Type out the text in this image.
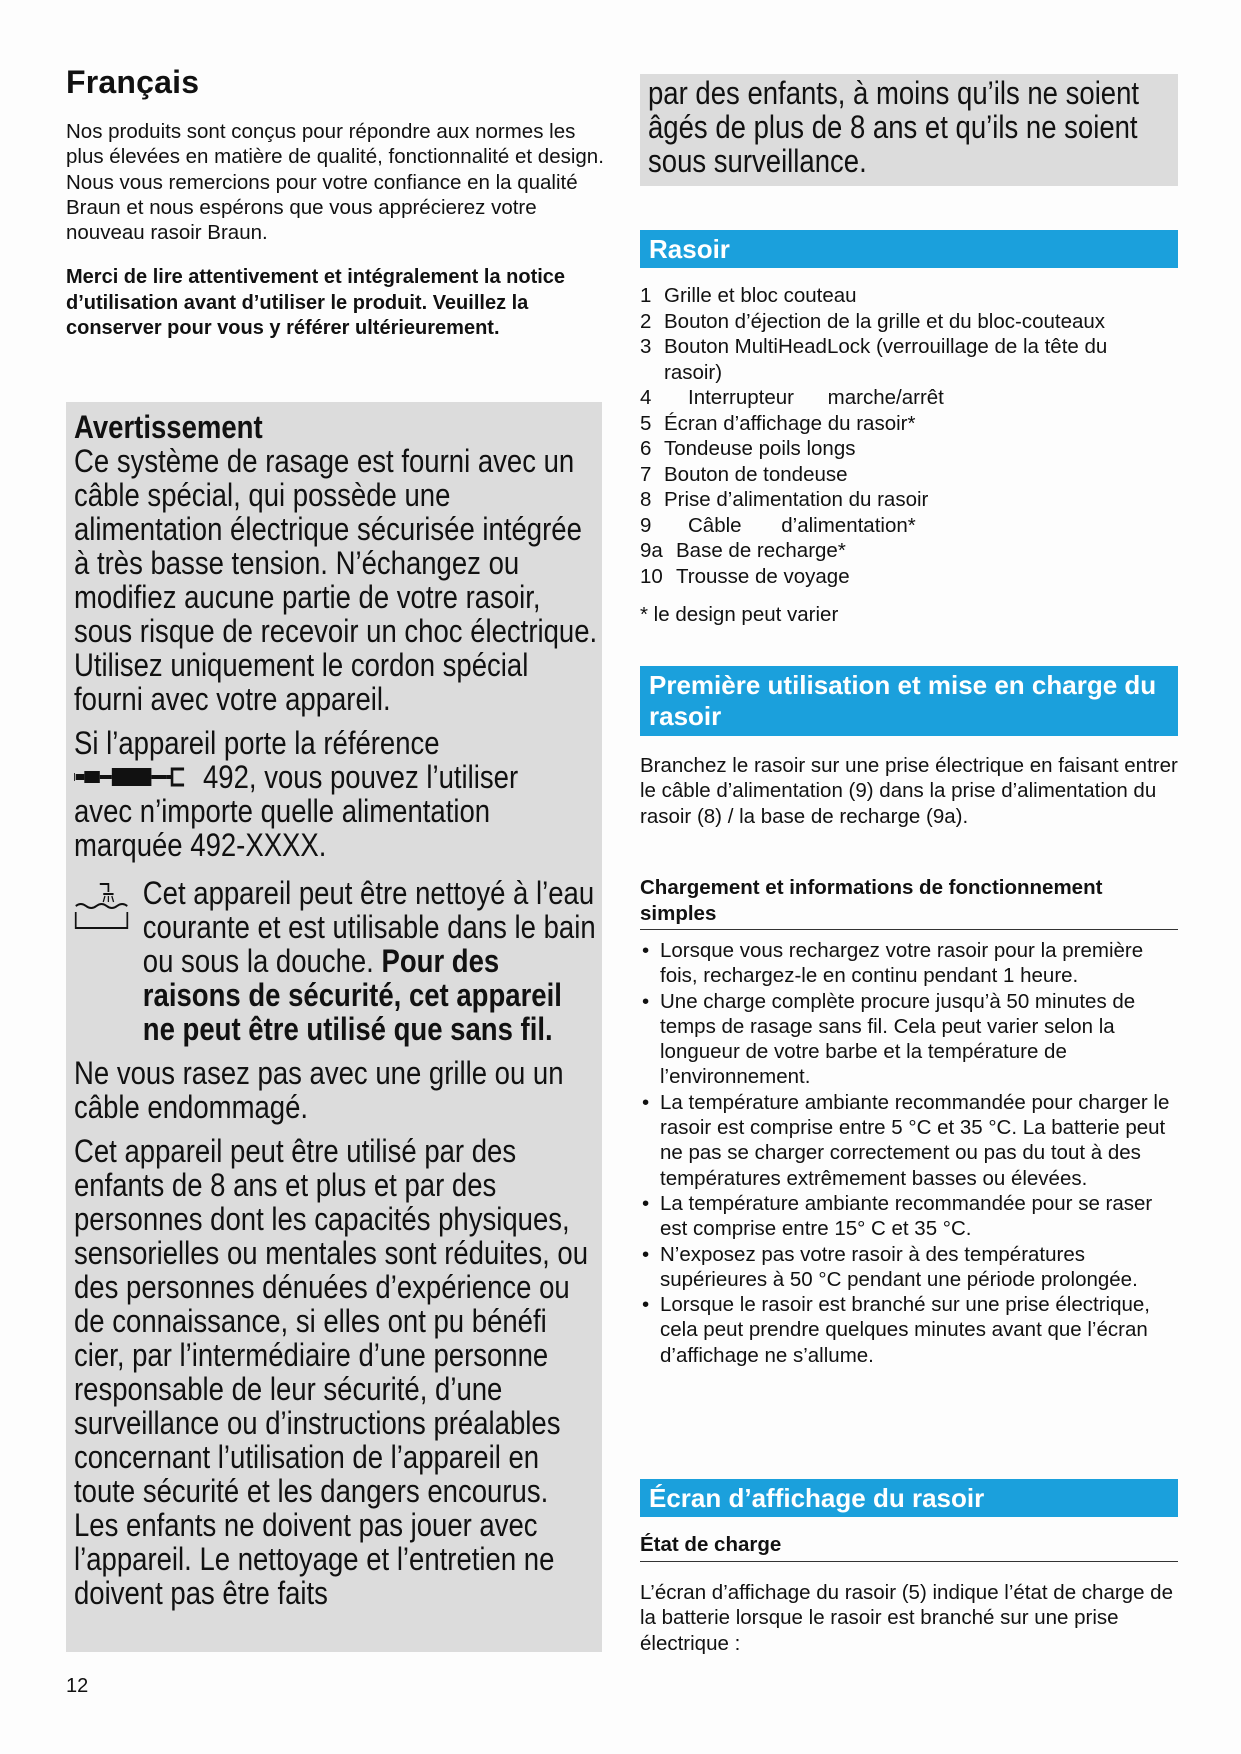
Français

Nos produits sont conçus pour répondre aux normes les plus élevées en matière de qualité, fonctionnalité et design. Nous vous remercions pour votre confiance en la qualité Braun et nous espérons que vous apprécierez votre nouveau rasoir Braun.

Merci de lire attentivement et intégralement la notice d’utilisation avant d’utiliser le produit. Veuillez la conserver pour vous y référer ultérieurement.

Avertissement

Ce système de rasage est fourni avec un câble spécial, qui possède une alimentation électrique sécurisée intégrée à très basse tension. N’échangez ou modifiez aucune partie de votre rasoir, sous risque de recevoir un choc électrique. Utilisez uniquement le cordon spécial fourni avec votre appareil.

Si l’appareil porte la référence

492, vous pouvez l’utiliser
avec n’importe quelle alimentation marquée 492-XXXX.

Cet appareil peut être nettoyé à l’eau courante et est utilisable dans le bain ou sous la douche. Pour des raisons de sécurité, cet appareil ne peut être utilisé que sans fil.

Ne vous rasez pas avec une grille ou un câble endommagé.

Cet appareil peut être utilisé par des enfants de 8 ans et plus et par des personnes dont les capacités physiques, sensorielles ou mentales sont réduites, ou des personnes dénuées d’expérience ou de connaissance, si elles ont pu bénéfi cier, par l’intermédiaire d’une personne responsable de leur sécurité, d’une surveillance ou d’instructions préalables concernant l’utilisation de l’appareil en toute sécurité et les dangers encourus. Les enfants ne doivent pas jouer avec l’appareil. Le nettoyage et l’entretien ne doivent pas être faits

12

par des enfants, à moins qu’ils ne soient âgés de plus de 8 ans et qu’ils ne soient sous surveillance.

Rasoir
1 Grille et bloc couteau
2 Bouton d’éjection de la grille et du bloc-couteaux
3 Bouton MultiHeadLock (verrouillage de la tête du rasoir)
4	Interrupteur marche/arrêt
5 Écran d’affichage du rasoir*
6 Tondeuse poils longs
7 Bouton de tondeuse
8 Prise d’alimentation du rasoir
9	Câble d’alimentation*
9a Base de recharge*
10 Trousse de voyage
* le design peut varier
Première utilisation et mise en charge du rasoir

Branchez le rasoir sur une prise électrique en faisant entrer le câble d’alimentation (9) dans la prise d’alimentation du rasoir (8) / la base de recharge (9a).

Chargement et informations de fonctionnement simples
• Lorsque vous rechargez votre rasoir pour la première fois, rechargez-le en continu pendant 1 heure.
• Une charge complète procure jusqu’à 50 minutes de temps de rasage sans fil. Cela peut varier selon la longueur de votre barbe et la température de l’environnement.
• La température ambiante recommandée pour charger le rasoir est comprise entre 5 °C et 35 °C. La batterie peut ne pas se charger correctement ou pas du tout à des températures extrêmement basses ou élevées.
• La température ambiante recommandée pour se raser est comprise entre 15° C et 35 °C.
• N’exposez pas votre rasoir à des températures supérieures à 50 °C pendant une période prolongée.
• Lorsque le rasoir est branché sur une prise électrique, cela peut prendre quelques minutes avant que l’écran d’affichage ne s’allume.
Écran d’affichage du rasoir
État de charge

L’écran d’affichage du rasoir (5) indique l’état de charge de la batterie lorsque le rasoir est branché sur une prise électrique :
